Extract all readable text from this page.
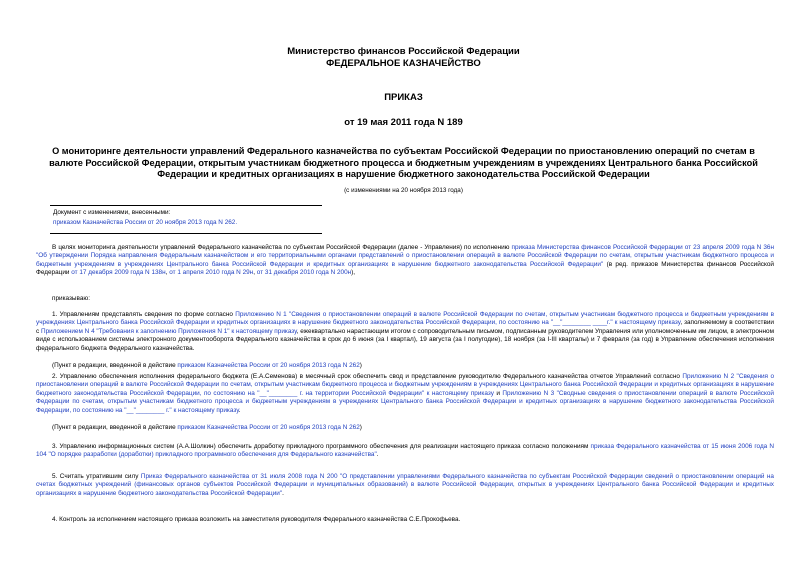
Министерство финансов Российской Федерации
ФЕДЕРАЛЬНОЕ КАЗНАЧЕЙСТВО
ПРИКАЗ
от 19 мая 2011 года N 189
О мониторинге деятельности управлений Федерального казначейства по субъектам Российской Федерации по приостановлению операций по счетам в валюте Российской Федерации, открытым участникам бюджетного процесса и бюджетным учреждениям в учреждениях Центрального банка Российской Федерации и кредитных организациях в нарушение бюджетного законодательства Российской Федерации
(с изменениями на 20 ноября 2013 года)
Документ с изменениями, внесенными:
приказом Казначейства России от 20 ноября 2013 года N 262.
В целях мониторинга деятельности управлений Федерального казначейства по субъектам Российской Федерации (далее - Управления) по исполнению приказа Министерства финансов Российской Федерации от 23 апреля 2009 года N 36н "Об утверждении Порядка направления Федеральным казначейством и его территориальными органами представлений о приостановлении операций в валюте Российской Федерации по счетам, открытым участникам бюджетного процесса и бюджетным учреждениям в учреждениях Центрального банка Российской Федерации и кредитных организациях в нарушение бюджетного законодательства Российской Федерации" (в ред. приказов Министерства финансов Российской Федерации от 17 декабря 2009 года N 138н, от 1 апреля 2010 года N 29н, от 31 декабря 2010 года N 200н),
приказываю:
1. Управлениям представлять сведения по форме согласно Приложению N 1 "Сведения о приостановлении операций в валюте Российской Федерации по счетам, открытым участникам бюджетного процесса и бюджетным учреждениям в учреждениях Центрального банка Российской Федерации и кредитных организациях в нарушение бюджетного законодательства Российской Федерации, по состоянию на "__"________ ____г." к настоящему приказу, заполняемому в соответствии с Приложением N 4 "Требования к заполнению Приложения N 1" к настоящему приказу, ежеквартально нарастающим итогом с сопроводительным письмом, подписанным руководителем Управления или уполномоченным им лицом, в электронном виде с использованием системы электронного документооборота Федерального казначейства в срок до 6 июня (за I квартал), 19 августа (за I полугодие), 18 ноября (за I-III кварталы) и 7 февраля (за год) в Управление обеспечения исполнения федерального бюджета Федерального казначейства.
(Пункт в редакции, введенной в действие приказом Казначейства России от 20 ноября 2013 года N 262)
2. Управлению обеспечения исполнения федерального бюджета (Е.А.Семенова) в месячный срок обеспечить свод и представление руководителю Федерального казначейства отчетов Управлений согласно Приложению N 2 "Сведения о приостановлении операций в валюте Российской Федерации по счетам, открытым участникам бюджетного процесса и бюджетным учреждениям в учреждениях Центрального банка Российской Федерации и кредитных организациях в нарушение бюджетного законодательства Российской Федерации, по состоянию на "__"________ г. на территории Российской Федерации" к настоящему приказу и Приложению N 3 "Сводные сведения о приостановлении операций в валюте Российской Федерации по счетам, открытым участникам бюджетного процесса и бюджетным учреждениям в учреждениях Центрального банка Российской Федерации и кредитных организациях в нарушение бюджетного законодательства Российской Федерации, по состоянию на "__"________ г." к настоящему приказу.
(Пункт в редакции, введенной в действие приказом Казначейства России от 20 ноября 2013 года N 262)
3. Управлению информационных систем (А.А.Шолкин) обеспечить доработку прикладного программного обеспечения для реализации настоящего приказа согласно положениям приказа Федерального казначейства от 15 июня 2006 года N 104 "О порядке разработки (доработки) прикладного программного обеспечения для Федерального казначейства".
5. Считать утратившим силу Приказ Федерального казначейства от 31 июля 2008 года N 200 "О представлении управлениями Федерального казначейства по субъектам Российской Федерации сведений о приостановлении операций на счетах бюджетных учреждений (финансовых органов субъектов Российской Федерации и муниципальных образований) в валюте Российской Федерации, открытых в учреждениях Центрального банка Российской Федерации и кредитных организациях в нарушение бюджетного законодательства Российской Федерации".
4. Контроль за исполнением настоящего приказа возложить на заместителя руководителя Федерального казначейства С.Е.Прокофьева.
